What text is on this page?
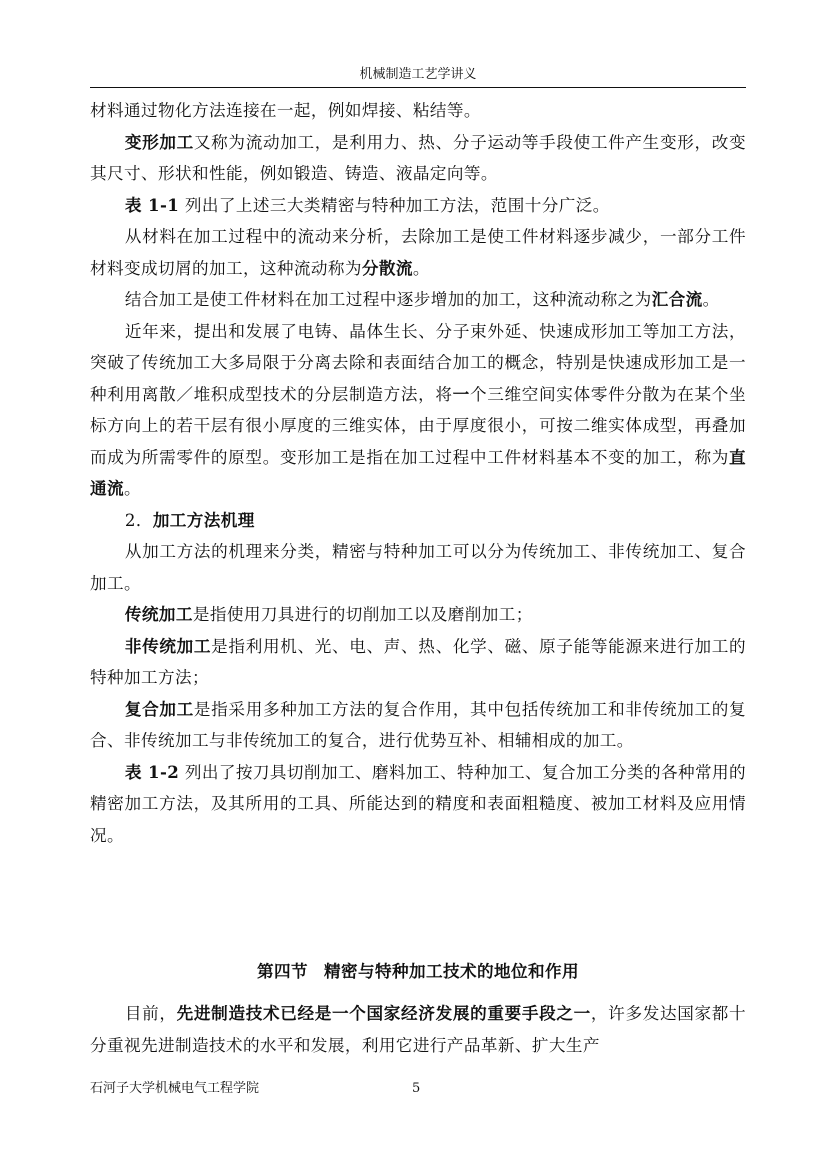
机械制造工艺学讲义

材料通过物化方法连接在一起，例如焊接、粘结等。

变形加工又称为流动加工，是利用力、热、分子运动等手段使工件产生变形，改变其尺寸、形状和性能，例如锻造、铸造、液晶定向等。

表 1-1 列出了上述三大类精密与特种加工方法，范围十分广泛。

从材料在加工过程中的流动来分析，去除加工是使工件材料逐步减少，一部分工件材料变成切屑的加工，这种流动称为分散流。

结合加工是使工件材料在加工过程中逐步增加的加工，这种流动称之为汇合流。

近年来，提出和发展了电铸、晶体生长、分子束外延、快速成形加工等加工方法，突破了传统加工大多局限于分离去除和表面结合加工的概念，特别是快速成形加工是一种利用离散／堆积成型技术的分层制造方法，将一个三维空间实体零件分散为在某个坐标方向上的若干层有很小厚度的三维实体，由于厚度很小，可按二维实体成型，再叠加而成为所需零件的原型。变形加工是指在加工过程中工件材料基本不变的加工，称为直通流。

2．加工方法机理

从加工方法的机理来分类，精密与特种加工可以分为传统加工、非传统加工、复合加工。

传统加工是指使用刀具进行的切削加工以及磨削加工；

非传统加工是指利用机、光、电、声、热、化学、磁、原子能等能源来进行加工的特种加工方法；

复合加工是指采用多种加工方法的复合作用，其中包括传统加工和非传统加工的复合、非传统加工与非传统加工的复合，进行优势互补、相辅相成的加工。

表 1-2 列出了按刀具切削加工、磨料加工、特种加工、复合加工分类的各种常用的精密加工方法，及其所用的工具、所能达到的精度和表面粗糙度、被加工材料及应用情况。

第四节 精密与特种加工技术的地位和作用

目前，先进制造技术已经是一个国家经济发展的重要手段之一，许多发达国家都十分重视先进制造技术的水平和发展，利用它进行产品革新、扩大生产

石河子大学机械电气工程学院	5
